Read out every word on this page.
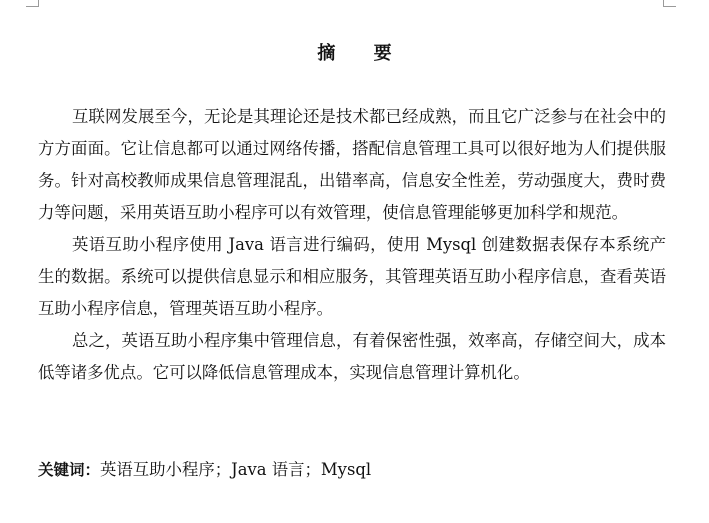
摘 要

互联网发展至今，无论是其理论还是技术都已经成熟，而且它广泛参与在社会中的方方面面。它让信息都可以通过网络传播，搭配信息管理工具可以很好地为人们提供服务。针对高校教师成果信息管理混乱，出错率高，信息安全性差，劳动强度大，费时费力等问题，采用英语互助小程序可以有效管理，使信息管理能够更加科学和规范。

英语互助小程序使用 Java 语言进行编码，使用 Mysql 创建数据表保存本系统产生的数据。系统可以提供信息显示和相应服务，其管理英语互助小程序信息，查看英语互助小程序信息，管理英语互助小程序。

总之，英语互助小程序集中管理信息，有着保密性强，效率高，存储空间大，成本低等诸多优点。它可以降低信息管理成本，实现信息管理计算机化。

关键词：英语互助小程序；Java 语言；Mysql
